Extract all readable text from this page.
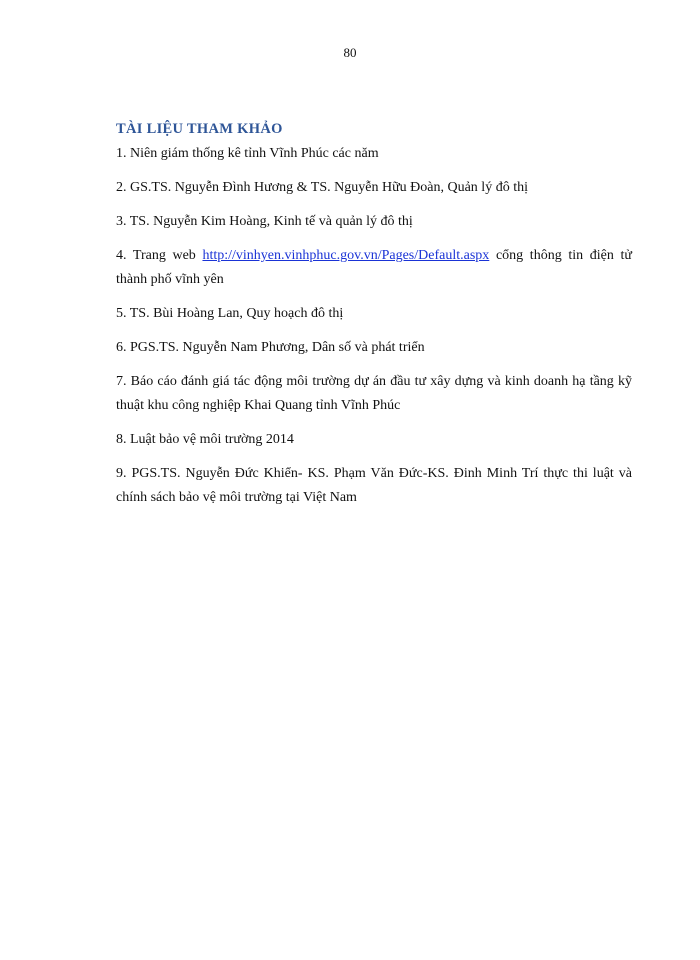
80
TÀI LIỆU THAM KHẢO
1. Niên giám thống kê tỉnh Vĩnh Phúc các năm
2. GS.TS. Nguyễn Đình Hương & TS. Nguyễn Hữu Đoàn, Quản lý đô thị
3. TS. Nguyễn Kim Hoàng, Kinh tế và quản lý đô thị
4. Trang web http://vinhyen.vinhphuc.gov.vn/Pages/Default.aspx cổng thông tin điện tử thành phố vĩnh yên
5. TS. Bùi Hoàng Lan, Quy hoạch đô thị
6. PGS.TS. Nguyễn Nam Phương, Dân số và phát triển
7. Báo cáo đánh giá tác động môi trường dự án đầu tư xây dựng và kinh doanh hạ tầng kỹ thuật khu công nghiệp Khai Quang tỉnh Vĩnh Phúc
8. Luật bảo vệ môi trường 2014
9. PGS.TS. Nguyễn Đức Khiển- KS. Phạm Văn Đức-KS. Đinh Minh Trí thực thi luật và chính sách bảo vệ môi trường tại Việt Nam
